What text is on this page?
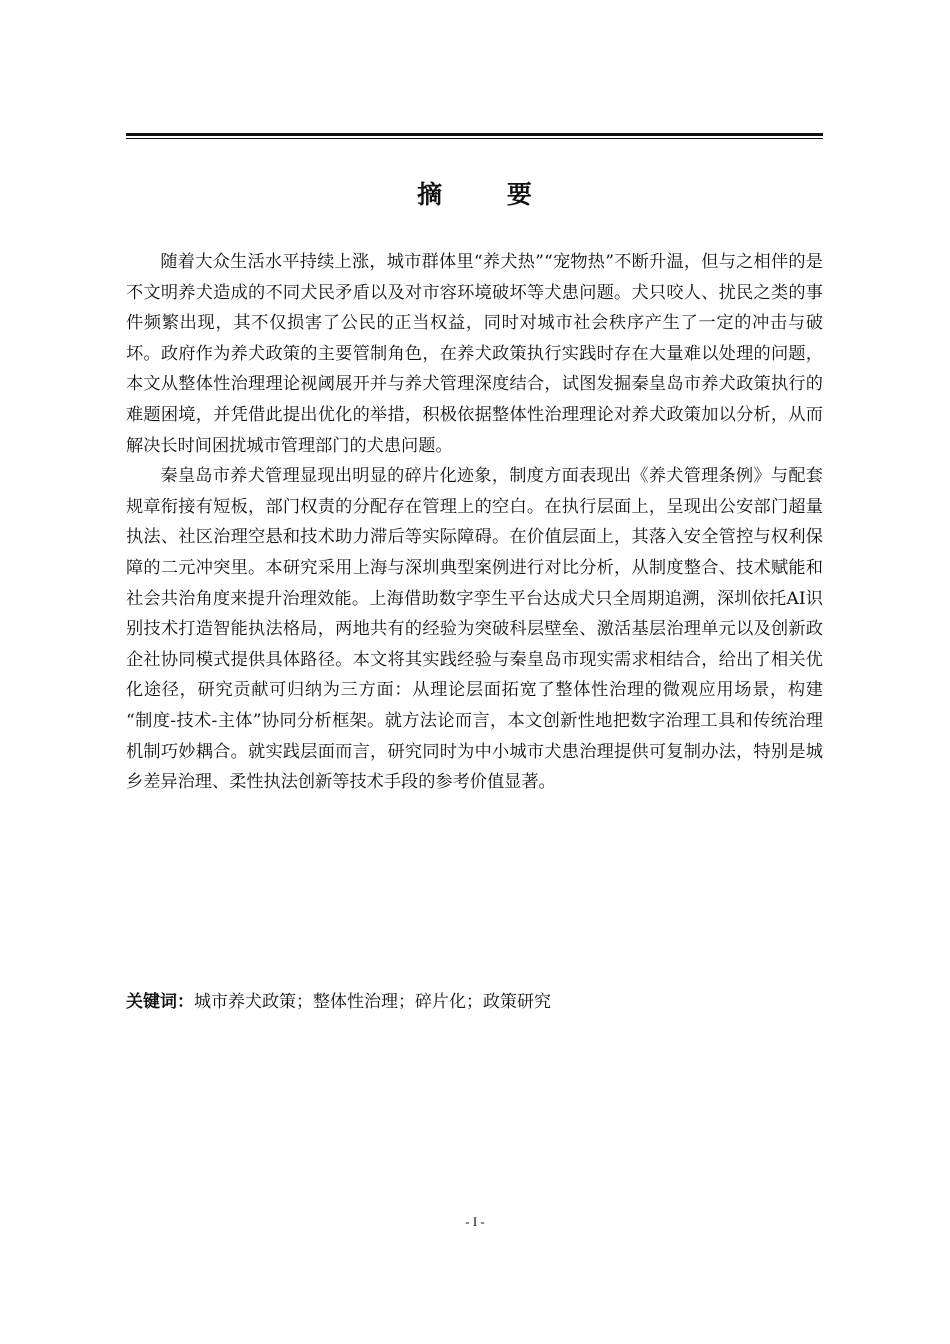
摘 要

随着大众生活水平持续上涨，城市群体里“养犬热”“宠物热”不断升温，但与之相伴的是不文明养犬造成的不同犬民矛盾以及对市容环境破坏等犬患问题。犬只咬人、扰民之类的事件频繁出现，其不仅损害了公民的正当权益，同时对城市社会秩序产生了一定的冲击与破坏。政府作为养犬政策的主要管制角色，在养犬政策执行实践时存在大量难以处理的问题，本文从整体性治理理论视阈展开并与养犬管理深度结合，试图发掘秦皇岛市养犬政策执行的难题困境，并凭借此提出优化的举措，积极依据整体性治理理论对养犬政策加以分析，从而解决长时间困扰城市管理部门的犬患问题。

秦皇岛市养犬管理显现出明显的碎片化迹象，制度方面表现出《养犬管理条例》与配套规章衔接有短板，部门权责的分配存在管理上的空白。在执行层面上，呈现出公安部门超量执法、社区治理空悬和技术助力滞后等实际障碍。在价值层面上，其落入安全管控与权利保障的二元冲突里。本研究采用上海与深圳典型案例进行对比分析，从制度整合、技术赋能和社会共治角度来提升治理效能。上海借助数字孪生平台达成犬只全周期追溯，深圳依托AI识别技术打造智能执法格局，两地共有的经验为突破科层壁垒、激活基层治理单元以及创新政企社协同模式提供具体路径。本文将其实践经验与秦皇岛市现实需求相结合，给出了相关优化途径，研究贡献可归纳为三方面：从理论层面拓宽了整体性治理的微观应用场景，构建 “制度-技术-主体”协同分析框架。就方法论而言，本文创新性地把数字治理工具和传统治理机制巧妙耦合。就实践层面而言，研究同时为中小城市犬患治理提供可复制办法，特别是城乡差异治理、柔性执法创新等技术手段的参考价值显著。

关键词：城市养犬政策；整体性治理；碎片化；政策研究
- I -
